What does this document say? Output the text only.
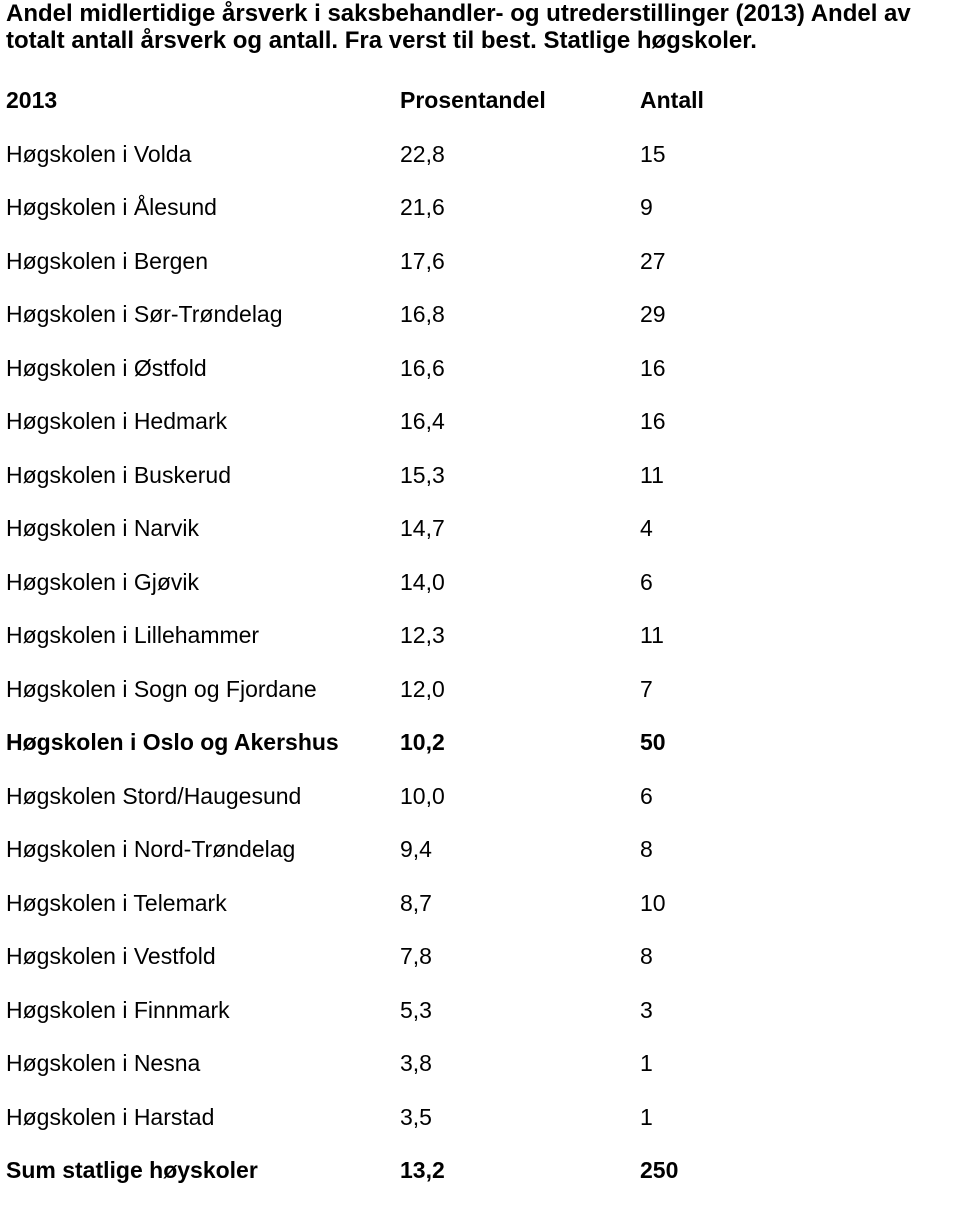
Andel midlertidige årsverk i saksbehandler- og utrederstillinger (2013) Andel av totalt antall årsverk og antall. Fra verst til best. Statlige høgskoler.
2013	Prosentandel	Antall
Høgskolen i Volda	22,8	15
Høgskolen i Ålesund	21,6	9
Høgskolen i Bergen	17,6	27
Høgskolen i Sør-Trøndelag	16,8	29
Høgskolen i Østfold	16,6	16
Høgskolen i Hedmark	16,4	16
Høgskolen i Buskerud	15,3	11
Høgskolen i Narvik	14,7	4
Høgskolen i Gjøvik	14,0	6
Høgskolen i Lillehammer	12,3	11
Høgskolen i Sogn og Fjordane	12,0	7
Høgskolen i Oslo og Akershus	10,2	50
Høgskolen Stord/Haugesund	10,0	6
Høgskolen i Nord-Trøndelag	9,4	8
Høgskolen i Telemark	8,7	10
Høgskolen i Vestfold	7,8	8
Høgskolen i Finnmark	5,3	3
Høgskolen i Nesna	3,8	1
Høgskolen i Harstad	3,5	1
Sum statlige høyskoler	13,2	250
